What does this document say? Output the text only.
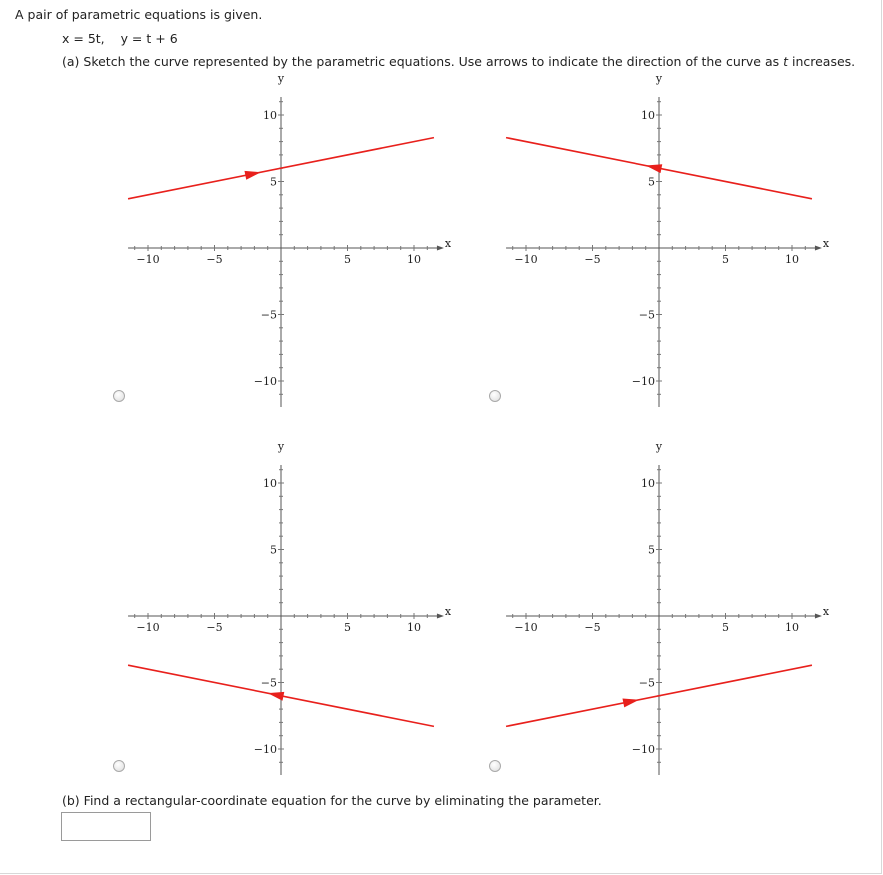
A pair of parametric equations is given.
x = 5t, y = t + 6
(a) Sketch the curve represented by the parametric equations. Use arrows to indicate the direction of the curve as t increases.
−10	−5	5	10
10
5
−5
−10
x
y
−10	−5	5	10
10
5
−5
−10
x
y
−10	−5	5	10
10
5
−5
−10
x
y
−10	−5	5	10
10
5
−5
−10
x
y
(b) Find a rectangular-coordinate equation for the curve by eliminating the parameter.
